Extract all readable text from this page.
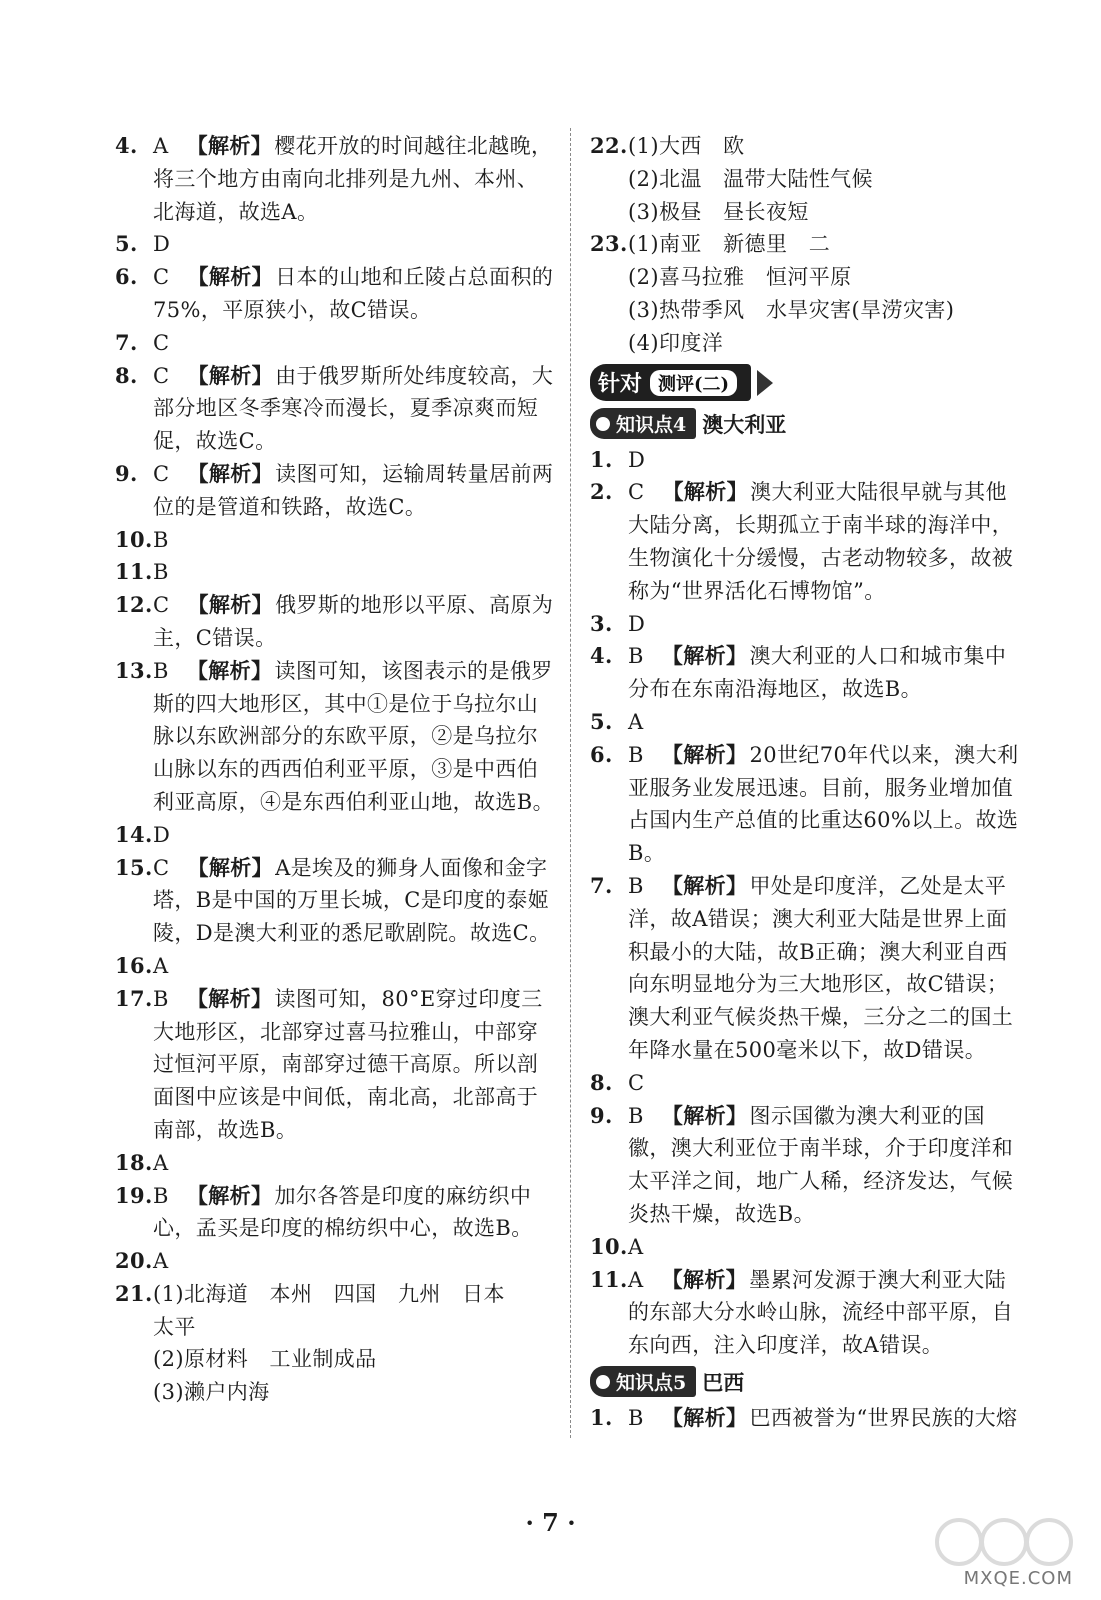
4. A 【解析】樱花开放的时间越往北越晚，将三个地方由南向北排列是九州、本州、北海道，故选A。
5. D
6. C 【解析】日本的山地和丘陵占总面积的75%，平原狭小，故C错误。
7. C
8. C 【解析】由于俄罗斯所处纬度较高，大部分地区冬季寒冷而漫长，夏季凉爽而短促，故选C。
9. C 【解析】读图可知，运输周转量居前两位的是管道和铁路，故选C。
10. B
11. B
12. C 【解析】俄罗斯的地形以平原、高原为主，C错误。
13. B 【解析】读图可知，该图表示的是俄罗斯的四大地形区，其中①是位于乌拉尔山脉以东欧洲部分的东欧平原，②是乌拉尔山脉以东的西西伯利亚平原，③是中西伯利亚高原，④是东西伯利亚山地，故选B。
14. D
15. C 【解析】A是埃及的狮身人面像和金字塔，B是中国的万里长城，C是印度的泰姬陵，D是澳大利亚的悉尼歌剧院。故选C。
16. A
17. B 【解析】读图可知，80°E穿过印度三大地形区，北部穿过喜马拉雅山，中部穿过恒河平原，南部穿过德干高原。所以剖面图中应该是中间低，南北高，北部高于南部，故选B。
18. A
19. B 【解析】加尔各答是印度的麻纺织中心，孟买是印度的棉纺织中心，故选B。
20. A
21. (1)北海道　本州　四国　九州　日本
太平
(2)原材料　工业制成品
(3)濑户内海
22. (1)大西　欧
(2)北温　温带大陆性气候
(3)极昼　昼长夜短
23. (1)南亚　新德里　二
(2)喜马拉雅　恒河平原
(3)热带季风　水旱灾害(旱涝灾害)
(4)印度洋
针对 测评(二)
知识点4 澳大利亚
1. D
2. C 【解析】澳大利亚大陆很早就与其他大陆分离，长期孤立于南半球的海洋中，生物演化十分缓慢，古老动物较多，故被称为“世界活化石博物馆”。
3. D
4. B 【解析】澳大利亚的人口和城市集中分布在东南沿海地区，故选B。
5. A
6. B 【解析】20世纪70年代以来，澳大利亚服务业发展迅速。目前，服务业增加值占国内生产总值的比重达60%以上。故选B。
7. B 【解析】甲处是印度洋，乙处是太平洋，故A错误；澳大利亚大陆是世界上面积最小的大陆，故B正确；澳大利亚自西向东明显地分为三大地形区，故C错误；澳大利亚气候炎热干燥，三分之二的国土年降水量在500毫米以下，故D错误。
8. C
9. B 【解析】图示国徽为澳大利亚的国徽，澳大利亚位于南半球，介于印度洋和太平洋之间，地广人稀，经济发达，气候炎热干燥，故选B。
10. A
11. A 【解析】墨累河发源于澳大利亚大陆的东部大分水岭山脉，流经中部平原，自东向西，注入印度洋，故A错误。
知识点5 巴西
1. B 【解析】巴西被誉为“世界民族的大熔
· 7 ·
MXQE.COM
